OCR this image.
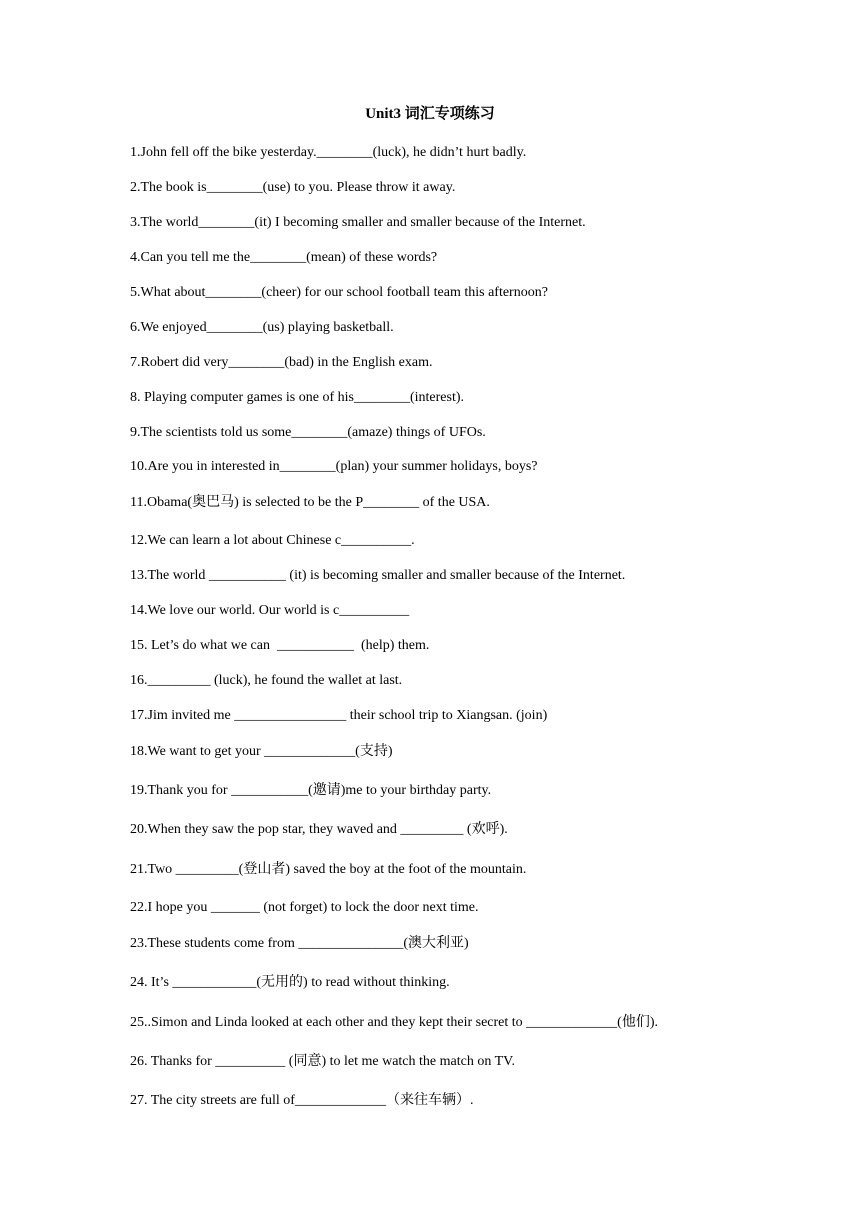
Unit3 词汇专项练习
1.John fell off the bike yesterday.________(luck), he didn’t hurt badly.
2.The book is________(use) to you. Please throw it away.
3.The world________(it) I becoming smaller and smaller because of the Internet.
4.Can you tell me the________(mean) of these words?
5.What about________(cheer) for our school football team this afternoon?
6.We enjoyed________(us) playing basketball.
7.Robert did very________(bad) in the English exam.
8. Playing computer games is one of his________(interest).
9.The scientists told us some________(amaze) things of UFOs.
10.Are you in interested in________(plan) your summer holidays, boys?
11.Obama(奥巴马) is selected to be the P________ of the USA.
12.We can learn a lot about Chinese c__________.
13.The world ___________ (it) is becoming smaller and smaller because of the Internet.
14.We love our world. Our world is c__________
15. Let’s do what we can  ___________  (help) them.
16._________ (luck), he found the wallet at last.
17.Jim invited me ________________ their school trip to Xiangsan. (join)
18.We want to get your _____________(支持)
19.Thank you for ___________(邀请)me to your birthday party.
20.When they saw the pop star, they waved and _________ (欢呼).
21.Two _________(登山者) saved the boy at the foot of the mountain.
22.I hope you _______ (not forget) to lock the door next time.
23.These students come from _______________(澳大利亚)
24. It’s ____________(无用的) to read without thinking.
25..Simon and Linda looked at each other and they kept their secret to _____________(他们).
26. Thanks for __________ (同意) to let me watch the match on TV.
27. The city streets are full of_____________（来往车辆）.
